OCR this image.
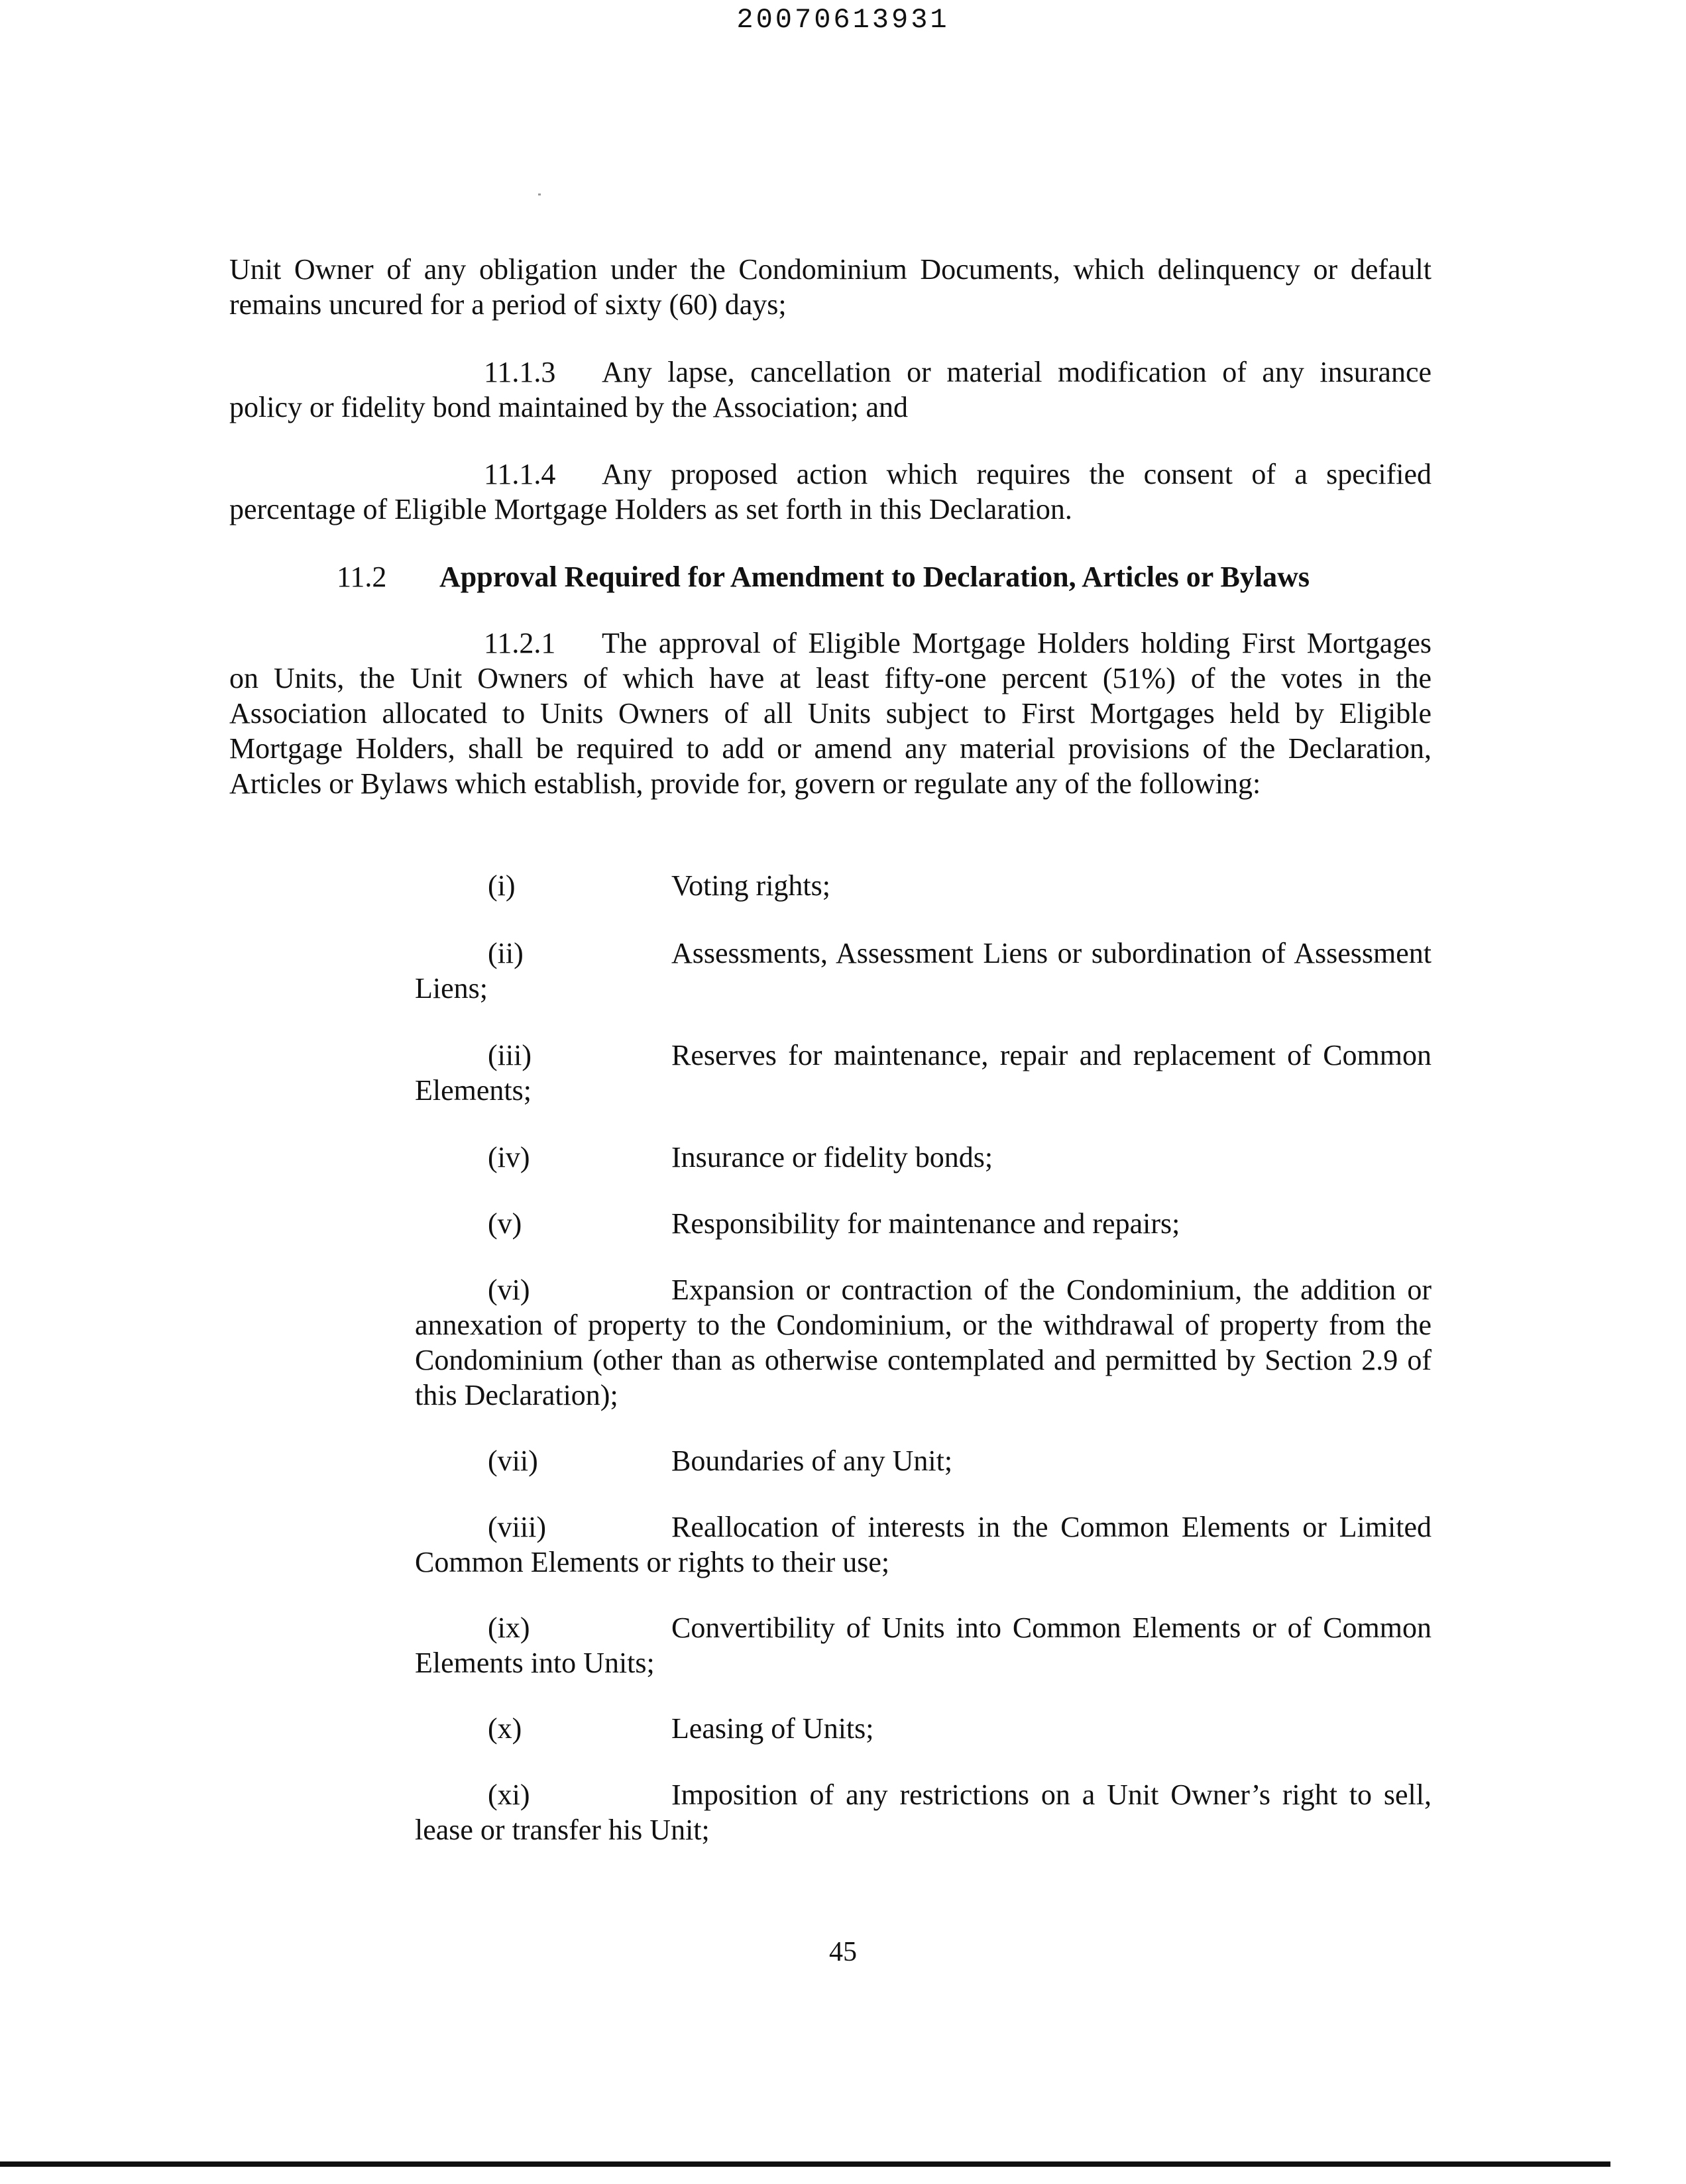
20070613931

Unit Owner of any obligation under the Condominium Documents, which delinquency or default remains uncured for a period of sixty (60) days;

11.1.3 Any lapse, cancellation or material modification of any insurance policy or fidelity bond maintained by the Association; and

11.1.4 Any proposed action which requires the consent of a specified percentage of Eligible Mortgage Holders as set forth in this Declaration.

11.2 Approval Required for Amendment to Declaration, Articles or Bylaws

11.2.1 The approval of Eligible Mortgage Holders holding First Mortgages on Units, the Unit Owners of which have at least fifty-one percent (51%) of the votes in the Association allocated to Units Owners of all Units subject to First Mortgages held by Eligible Mortgage Holders, shall be required to add or amend any material provisions of the Declaration, Articles or Bylaws which establish, provide for, govern or regulate any of the following:

(i)	Voting rights;

(ii)	Assessments, Assessment Liens or subordination of Assessment Liens;

(iii)	Reserves for maintenance, repair and replacement of Common Elements;

(iv)	Insurance or fidelity bonds;

(v)	Responsibility for maintenance and repairs;

(vi)	Expansion or contraction of the Condominium, the addition or annexation of property to the Condominium, or the withdrawal of property from the Condominium (other than as otherwise contemplated and permitted by Section 2.9 of this Declaration);

(vii)	Boundaries of any Unit;

(viii)	Reallocation of interests in the Common Elements or Limited Common Elements or rights to their use;

(ix)	Convertibility of Units into Common Elements or of Common Elements into Units;

(x)	Leasing of Units;

(xi)	Imposition of any restrictions on a Unit Owner’s right to sell, lease or transfer his Unit;

45
